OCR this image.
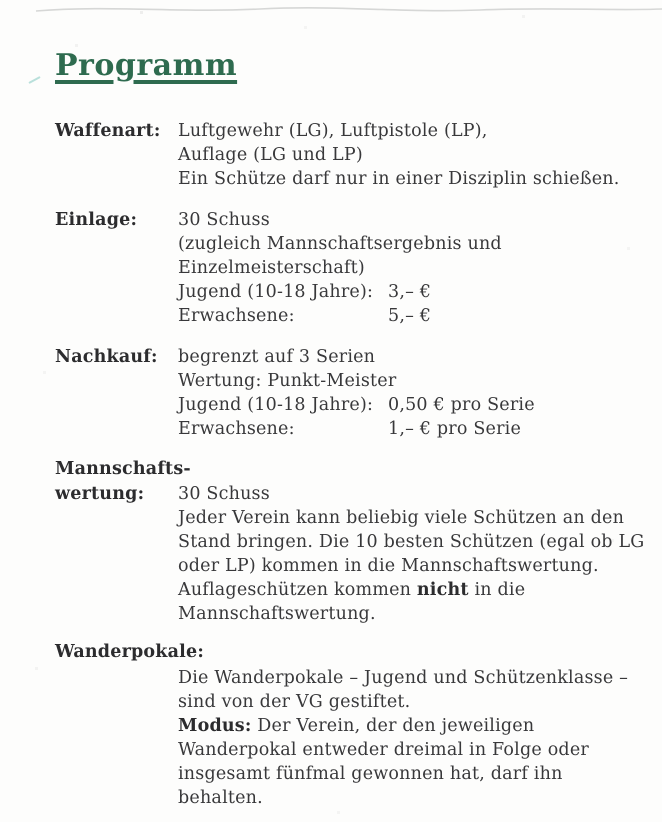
Programm
Waffenart: Luftgewehr (LG), Luftpistole (LP),
Auflage (LG und LP)
Ein Schütze darf nur in einer Disziplin schießen.
Einlage: 30 Schuss
(zugleich Mannschaftsergebnis und
Einzelmeisterschaft)
Jugend (10-18 Jahre): 3,– €
Erwachsene:	5,– €
Nachkauf: begrenzt auf 3 Serien
Wertung: Punkt-Meister
Jugend (10-18 Jahre): 0,50 € pro Serie
Erwachsene:	1,– € pro Serie
Mannschafts-
wertung: 30 Schuss
Jeder Verein kann beliebig viele Schützen an den
Stand bringen. Die 10 besten Schützen (egal ob LG
oder LP) kommen in die Mannschaftswertung.
Auflageschützen kommen nicht in die
Mannschaftswertung.
Wanderpokale:
Die Wanderpokale – Jugend und Schützenklasse –
sind von der VG gestiftet.
Modus: Der Verein, der den jeweiligen
Wanderpokal entweder dreimal in Folge oder
insgesamt fünfmal gewonnen hat, darf ihn
behalten.
